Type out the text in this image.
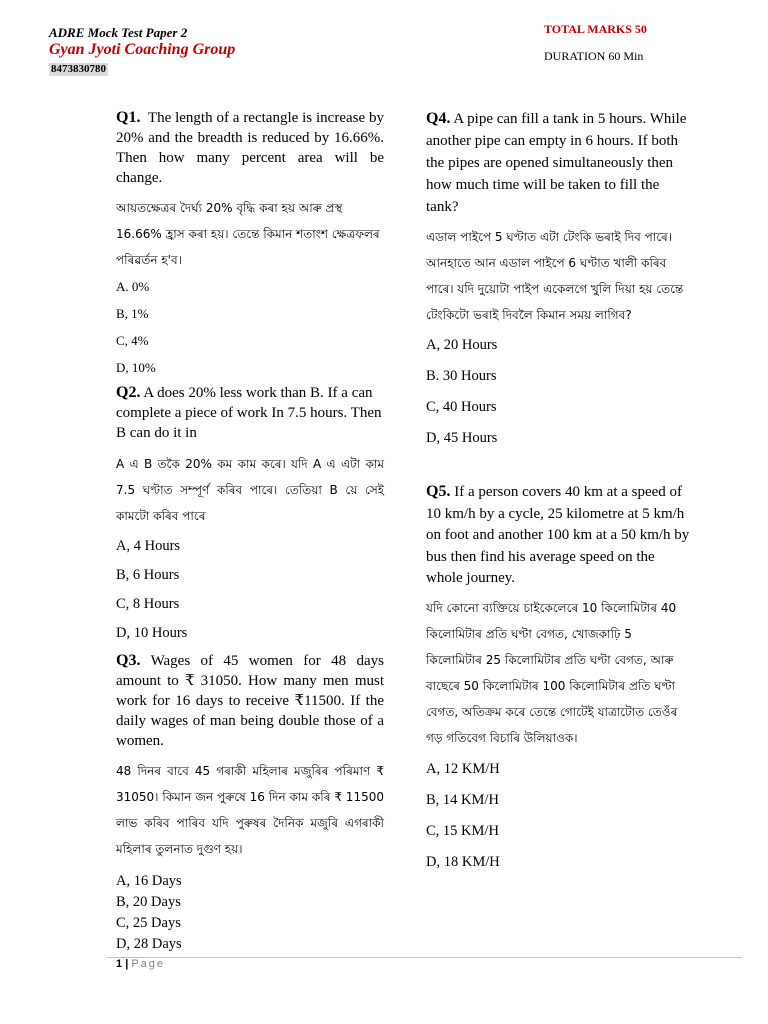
ADRE Mock Test Paper 2
Gyan Jyoti Coaching Group
8473830780
TOTAL MARKS 50
DURATION 60 Min
Q1. The length of a rectangle is increase by 20% and the breadth is reduced by 16.66%. Then how many percent area will be change.
আয়তক্ষেত্ৰৰ দৈৰ্ঘ্য 20% বৃদ্ধি কৰা হয় আৰু প্ৰস্থ 16.66% হ্ৰাস কৰা হয়। তেন্তে কিমান শতাংশ ক্ষেত্ৰফলৰ পৰিৱৰ্তন হ'ব।
A. 0%
B, 1%
C, 4%
D, 10%
Q2. A does 20% less work than B. If a can complete a piece of work In 7.5 hours. Then B can do it in
A এ B তকৈ 20% কম কাম কৰে। যদি A এ এটা কাম 7.5 ঘণ্টাত সম্পূৰ্ণ কৰিব পাৰে। তেতিয়া B য়ে সেই কামটো কৰিব পাৰে
A, 4 Hours
B, 6 Hours
C, 8 Hours
D, 10 Hours
Q3. Wages of 45 women for 48 days amount to ₹ 31050. How many men must work for 16 days to receive ₹11500. If the daily wages of man being double those of a women.
48 দিনৰ বাবে 45 গৰাকী মহিলাৰ মজুৰিৰ পৰিমাণ ₹ 31050। কিমান জন পুৰুষে 16 দিন কাম কৰি ₹ 11500 লাভ কৰিব পাৰিব যদি পুৰুষৰ দৈনিক মজুৰি এগৰাকী মহিলাৰ তুলনাত দুগুণ হয়।
A, 16 Days
B, 20 Days
C, 25 Days
D, 28 Days
Q4. A pipe can fill a tank in 5 hours. While another pipe can empty in 6 hours. If both the pipes are opened simultaneously then how much time will be taken to fill the tank?
এডাল পাইপে 5 ঘণ্টাত এটা টেংকি ভৰাই দিব পাৰে। আনহাতে আন এডাল পাইপে 6 ঘণ্টাত খালী কৰিব পাৰে। যদি দুয়োটা পাইপ একেলগে খুলি দিয়া হয় তেন্তে টেংকিটো ভৰাই দিবলৈ কিমান সময় লাগিব?
A, 20 Hours
B. 30 Hours
C, 40 Hours
D, 45 Hours
Q5. If a person covers 40 km at a speed of 10 km/h by a cycle, 25 kilometre at 5 km/h on foot and another 100 km at a 50 km/h by bus then find his average speed on the whole journey.
যদি কোনো ব্যক্তিয়ে চাইকেলেৰে 10 কিলোমিটাৰ 40 কিলোমিটাৰ প্ৰতি ঘণ্টা বেগত, খোজকাঢ়ি 5 কিলোমিটাৰ 25 কিলোমিটাৰ প্ৰতি ঘণ্টা বেগত, আৰু বাছেৰে 50 কিলোমিটাৰ 100 কিলোমিটাৰ প্ৰতি ঘণ্টা বেগত, অতিক্ৰম কৰে তেন্তে গোটেই যাত্ৰাটোত তেওঁৰ গড় গতিবেগ বিচাৰি উলিয়াওক।
A, 12 KM/H
B, 14 KM/H
C, 15 KM/H
D, 18 KM/H
1 | Page
